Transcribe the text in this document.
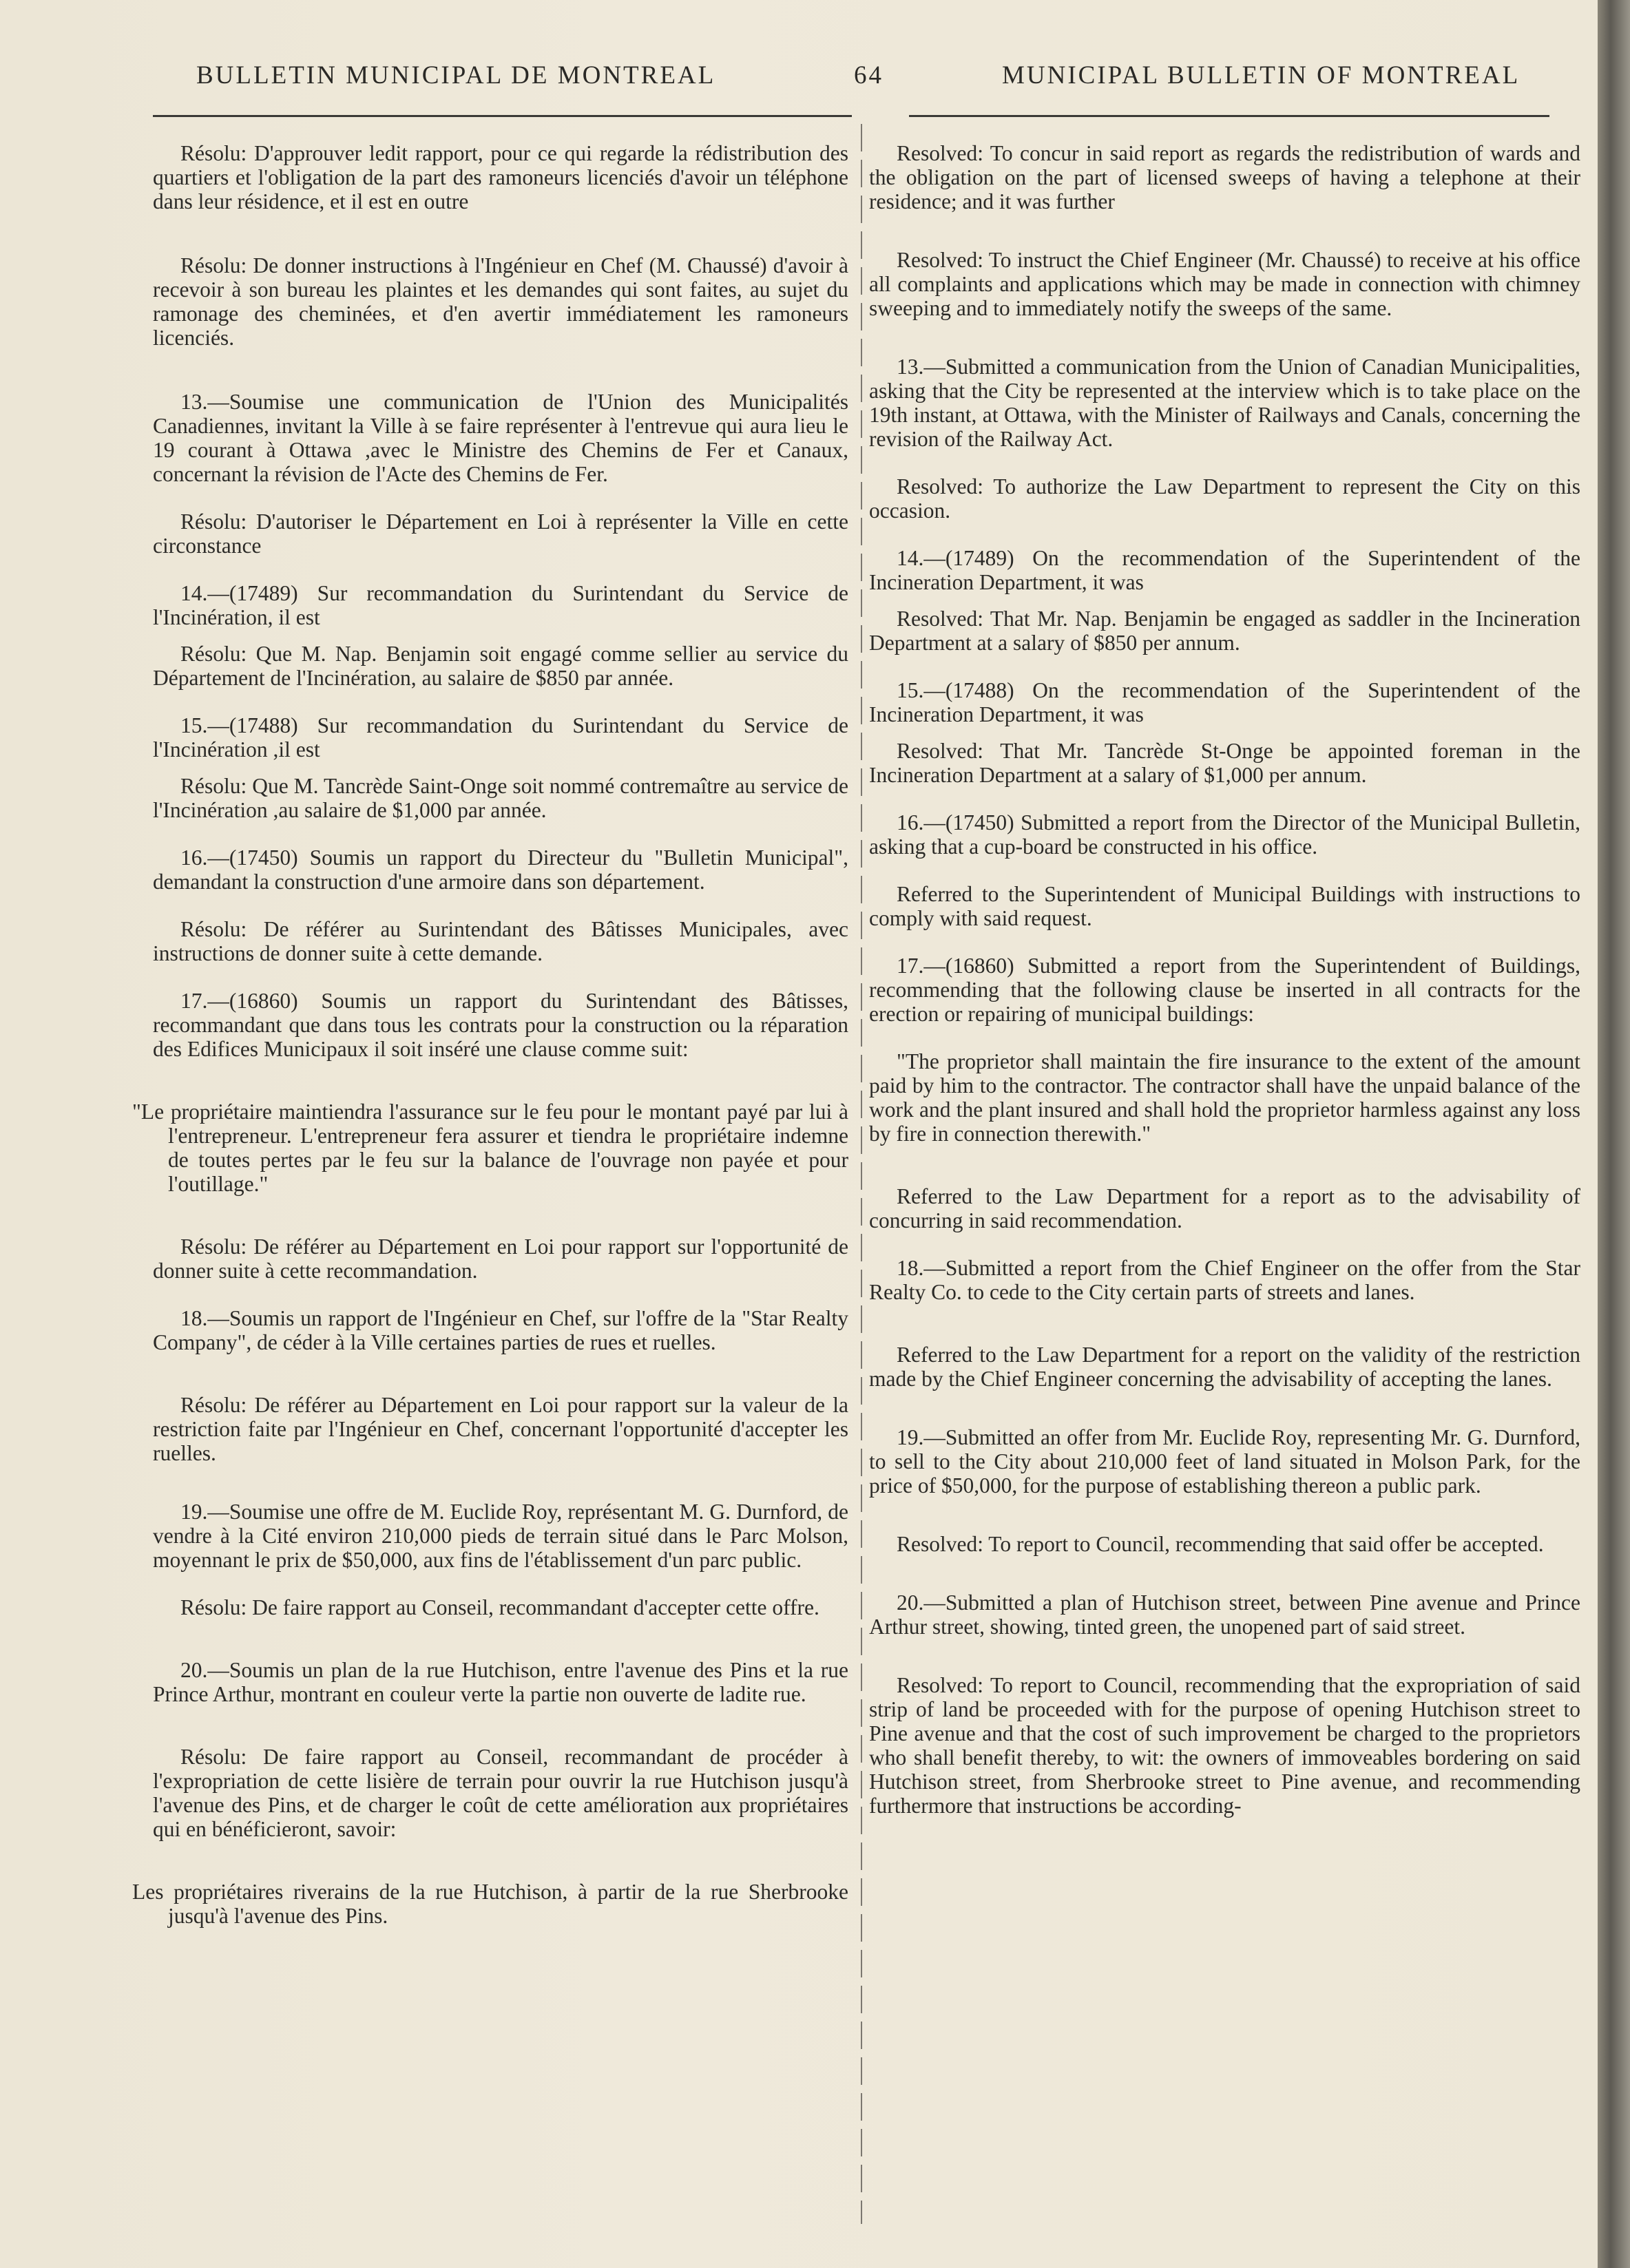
BULLETIN MUNICIPAL DE MONTREAL	64	MUNICIPAL BULLETIN OF MONTREAL

Résolu: D'approuver ledit rapport, pour ce qui regarde la rédistribution des quartiers et l'obligation de la part des ramoneurs licenciés d'avoir un téléphone dans leur résidence, et il est en outre

Résolu: De donner instructions à l'Ingénieur en Chef (M. Chaussé) d'avoir à recevoir à son bureau les plaintes et les demandes qui sont faites, au sujet du ramonage des cheminées, et d'en avertir immédiatement les ramoneurs licenciés.

13.—Soumise une communication de l'Union des Municipalités Canadiennes, invitant la Ville à se faire représenter à l'entrevue qui aura lieu le 19 courant à Ottawa ,avec le Ministre des Chemins de Fer et Canaux, concernant la révision de l'Acte des Chemins de Fer.

Résolu: D'autoriser le Département en Loi à représenter la Ville en cette circonstance

14.—(17489) Sur recommandation du Surintendant du Service de l'Incinération, il est

Résolu: Que M. Nap. Benjamin soit engagé comme sellier au service du Département de l'Incinération, au salaire de $850 par année.

15.—(17488) Sur recommandation du Surintendant du Service de l'Incinération ,il est

Résolu: Que M. Tancrède Saint-Onge soit nommé contremaître au service de l'Incinération ,au salaire de $1,000 par année.

16.—(17450) Soumis un rapport du Directeur du "Bulletin Municipal", demandant la construction d'une armoire dans son département.

Résolu: De référer au Surintendant des Bâtisses Municipales, avec instructions de donner suite à cette demande.

17.—(16860) Soumis un rapport du Surintendant des Bâtisses, recommandant que dans tous les contrats pour la construction ou la réparation des Edifices Municipaux il soit inséré une clause comme suit:

"Le propriétaire maintiendra l'assurance sur le feu pour le montant payé par lui à l'entrepreneur. L'entrepreneur fera assurer et tiendra le propriétaire indemne de toutes pertes par le feu sur la balance de l'ouvrage non payée et pour l'outillage."

Résolu: De référer au Département en Loi pour rapport sur l'opportunité de donner suite à cette recommandation.

18.—Soumis un rapport de l'Ingénieur en Chef, sur l'offre de la "Star Realty Company", de céder à la Ville certaines parties de rues et ruelles.

Résolu: De référer au Département en Loi pour rapport sur la valeur de la restriction faite par l'Ingénieur en Chef, concernant l'opportunité d'accepter les ruelles.

19.—Soumise une offre de M. Euclide Roy, représentant M. G. Durnford, de vendre à la Cité environ 210,000 pieds de terrain situé dans le Parc Molson, moyennant le prix de $50,000, aux fins de l'établissement d'un parc public.

Résolu: De faire rapport au Conseil, recommandant d'accepter cette offre.

20.—Soumis un plan de la rue Hutchison, entre l'avenue des Pins et la rue Prince Arthur, montrant en couleur verte la partie non ouverte de ladite rue.

Résolu: De faire rapport au Conseil, recommandant de procéder à l'expropriation de cette lisière de terrain pour ouvrir la rue Hutchison jusqu'à l'avenue des Pins, et de charger le coût de cette amélioration aux propriétaires qui en bénéficieront, savoir:

Les propriétaires riverains de la rue Hutchison, à partir de la rue Sherbrooke jusqu'à l'avenue des Pins.

Resolved: To concur in said report as regards the redistribution of wards and the obligation on the part of licensed sweeps of having a telephone at their residence; and it was further

Resolved: To instruct the Chief Engineer (Mr. Chaussé) to receive at his office all complaints and applications which may be made in connection with chimney sweeping and to immediately notify the sweeps of the same.

13.—Submitted a communication from the Union of Canadian Municipalities, asking that the City be represented at the interview which is to take place on the 19th instant, at Ottawa, with the Minister of Railways and Canals, concerning the revision of the Railway Act.

Resolved: To authorize the Law Department to represent the City on this occasion.

14.—(17489) On the recommendation of the Superintendent of the Incineration Department, it was

Resolved: That Mr. Nap. Benjamin be engaged as saddler in the Incineration Department at a salary of $850 per annum.

15.—(17488) On the recommendation of the Superintendent of the Incineration Department, it was

Resolved: That Mr. Tancrède St-Onge be appointed foreman in the Incineration Department at a salary of $1,000 per annum.

16.—(17450) Submitted a report from the Director of the Municipal Bulletin, asking that a cup-board be constructed in his office.

Referred to the Superintendent of Municipal Buildings with instructions to comply with said request.

17.—(16860) Submitted a report from the Superintendent of Buildings, recommending that the following clause be inserted in all contracts for the erection or repairing of municipal buildings:

"The proprietor shall maintain the fire insurance to the extent of the amount paid by him to the contractor. The contractor shall have the unpaid balance of the work and the plant insured and shall hold the proprietor harmless against any loss by fire in connection therewith."

Referred to the Law Department for a report as to the advisability of concurring in said recommendation.

18.—Submitted a report from the Chief Engineer on the offer from the Star Realty Co. to cede to the City certain parts of streets and lanes.

Referred to the Law Department for a report on the validity of the restriction made by the Chief Engineer concerning the advisability of accepting the lanes.

19.—Submitted an offer from Mr. Euclide Roy, representing Mr. G. Durnford, to sell to the City about 210,000 feet of land situated in Molson Park, for the price of $50,000, for the purpose of establishing thereon a public park.

Resolved: To report to Council, recommending that said offer be accepted.

20.—Submitted a plan of Hutchison street, between Pine avenue and Prince Arthur street, showing, tinted green, the unopened part of said street.

Resolved: To report to Council, recommending that the expropriation of said strip of land be proceeded with for the purpose of opening Hutchison street to Pine avenue and that the cost of such improvement be charged to the proprietors who shall benefit thereby, to wit: the owners of immoveables bordering on said Hutchison street, from Sherbrooke street to Pine avenue, and recommending furthermore that instructions be according-
